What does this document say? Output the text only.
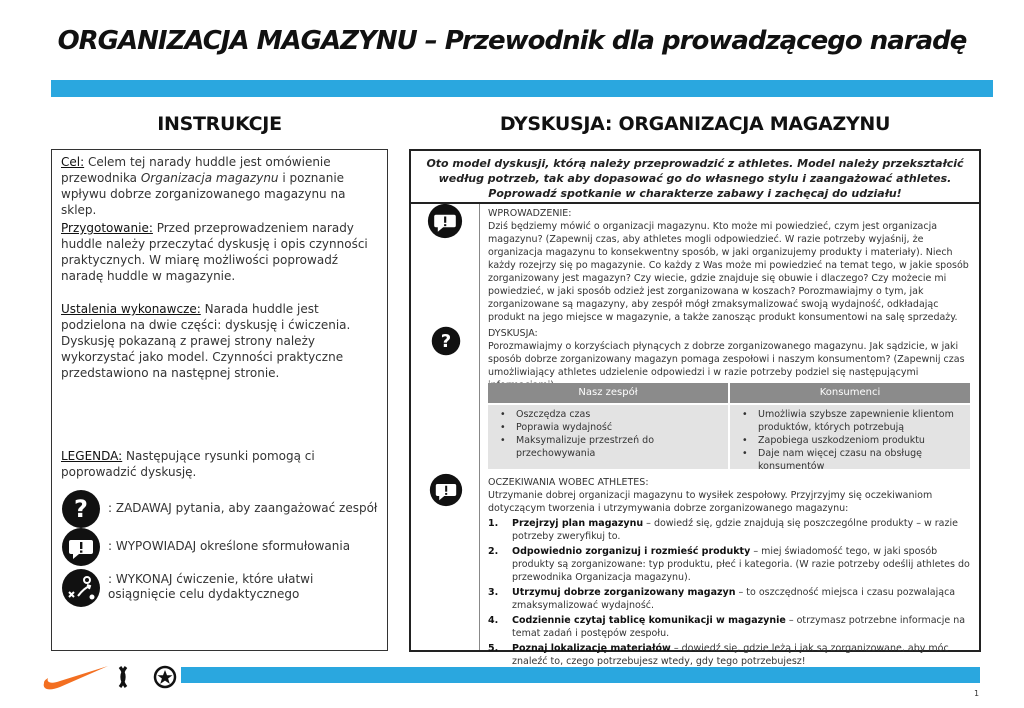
ORGANIZACJA MAGAZYNU – Przewodnik dla prowadzącego naradę
INSTRUKCJE	DYSKUSJA: ORGANIZACJA MAGAZYNU
Cel: Celem tej narady huddle jest omówienie przewodnika Organizacja magazynu i poznanie wpływu dobrze zorganizowanego magazynu na sklep.
Przygotowanie: Przed przeprowadzeniem narady huddle należy przeczytać dyskusję i opis czynności praktycznych. W miarę możliwości poprowadź naradę huddle w magazynie.
Ustalenia wykonawcze: Narada huddle jest podzielona na dwie części: dyskusję i ćwiczenia. Dyskusję pokazaną z prawej strony należy wykorzystać jako model. Czynności praktyczne przedstawiono na następnej stronie.
LEGENDA: Następujące rysunki pomogą ci poprowadzić dyskusję.
? : ZADAWAJ pytania, aby zaangażować zespół
: WYPOWIADAJ określone sformułowania
: WYKONAJ ćwiczenie, które ułatwi osiągnięcie celu dydaktycznego
Oto model dyskusji, którą należy przeprowadzić z athletes. Model należy przekształcić według potrzeb, tak aby dopasować go do własnego stylu i zaangażować athletes. Poprowadź spotkanie w charakterze zabawy i zachęcaj do udziału!
?
WPROWADZENIE:
Dziś będziemy mówić o organizacji magazynu. Kto może mi powiedzieć, czym jest organizacja magazynu? (Zapewnij czas, aby athletes mogli odpowiedzieć. W razie potrzeby wyjaśnij, że organizacja magazynu to konsekwentny sposób, w jaki organizujemy produkty i materiały). Niech każdy rozejrzy się po magazynie. Co każdy z Was może mi powiedzieć na temat tego, w jakie sposób zorganizowany jest magazyn? Czy wiecie, gdzie znajduje się obuwie i dlaczego? Czy możecie mi powiedzieć, w jaki sposób odzież jest zorganizowana w koszach? Porozmawiajmy o tym, jak zorganizowane są magazyny, aby zespół mógł zmaksymalizować swoją wydajność, odkładając produkt na jego miejsce w magazynie, a także zanosząc produkt konsumentowi na salę sprzedaży.
DYSKUSJA:
Porozmawiajmy o korzyściach płynących z dobrze zorganizowanego magazynu. Jak sądzicie, w jaki sposób dobrze zorganizowany magazyn pomaga zespołowi i naszym konsumentom? (Zapewnij czas umożliwiający athletes udzielenie odpowiedzi i w razie potrzeby podziel się następującymi
Nasz zespół
• Oszczędza czas
• Poprawia wydajność
• Maksymalizuje przestrzeń do przechowywania
Konsumenci
• Umożliwia szybsze zapewnienie klientom produktów, których potrzebują
• Zapobiega uszkodzeniom produktu
• Daje nam więcej czasu na obsługę konsumentów
OCZEKIWANIA WOBEC ATHLETES:
Utrzymanie dobrej organizacji magazynu to wysiłek zespołowy. Przyjrzyjmy się oczekiwaniom dotyczącym tworzenia i utrzymywania dobrze zorganizowanego magazynu:
1. Przejrzyj plan magazynu – dowiedź się, gdzie znajdują się poszczególne produkty – w razie potrzeby zweryfikuj to.
2. Odpowiednio zorganizuj i rozmieść produkty – miej świadomość tego, w jaki sposób produkty są zorganizowane: typ produktu, płeć i kategoria. (W razie potrzeby odeślij athletes do przewodnika Organizacja magazynu).
3. Utrzymuj dobrze zorganizowany magazyn – to oszczędność miejsca i czasu pozwalająca zmaksymalizować wydajność.
4. Codziennie czytaj tablicę komunikacji w magazynie – otrzymasz potrzebne informacje na temat zadań i postępów zespołu.
5. Poznaj lokalizację materiałów – dowiedź się, gdzie leżą i jak są zorganizowane, aby móc znaleźć to, czego potrzebujesz wtedy, gdy tego potrzebujesz!
1
